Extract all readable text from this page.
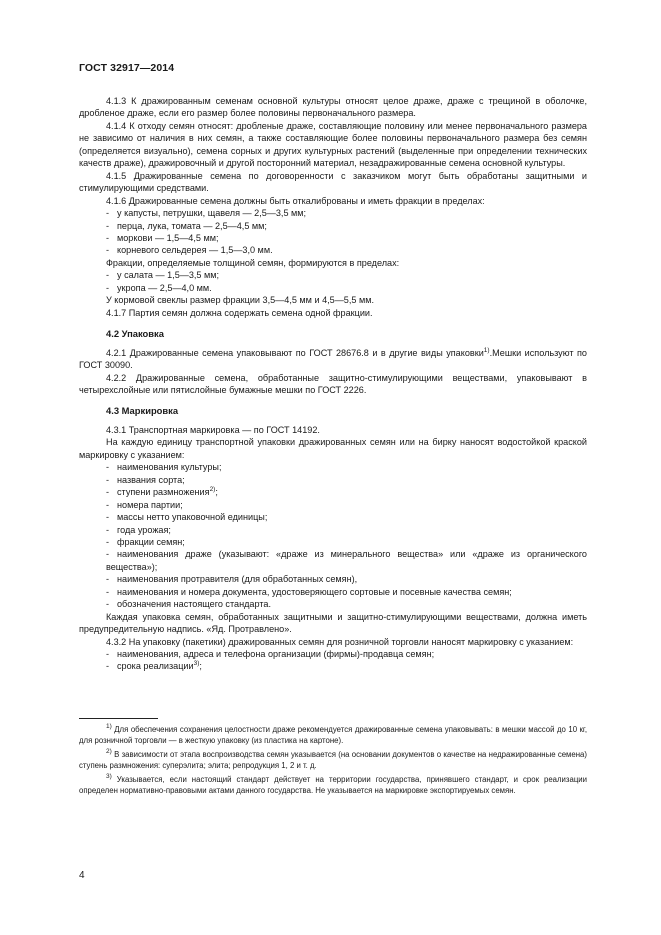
ГОСТ 32917—2014

4.1.3 К дражированным семенам основной культуры относят целое драже, драже с трещиной в оболочке, дробленое драже, если его размер более половины первоначального размера.

4.1.4 К отходу семян относят: дробленые драже, составляющие половину или менее первоначального размера не зависимо от наличия в них семян, а также составляющие более половины первоначального размера без семян (определяется визуально), семена сорных и других культурных растений (выделенные при определении технических качеств драже), дражировочный и другой посторонний материал, незадражированные семена основной культуры.

4.1.5 Дражированные семена по договоренности с заказчиком могут быть обработаны защитными и стимулирующими средствами.

4.1.6 Дражированные семена должны быть откалиброваны и иметь фракции в пределах:

- у капусты, петрушки, щавеля — 2,5—3,5 мм;

- перца, лука, томата — 2,5—4,5 мм;

- моркови — 1,5—4,5 мм;

- корневого сельдерея — 1,5—3,0 мм.

Фракции, определяемые толщиной семян, формируются в пределах:

- у салата — 1,5—3,5 мм;

- укропа — 2,5—4,0 мм.

У кормовой свеклы размер фракции 3,5—4,5 мм и 4,5—5,5 мм.

4.1.7 Партия семян должна содержать семена одной фракции.

4.2 Упаковка

4.2.1 Дражированные семена упаковывают по ГОСТ 28676.8 и в другие виды упаковки$^{1)}$.Мешки используют по ГОСТ 30090.

4.2.2 Дражированные семена, обработанные защитно-стимулирующими веществами, упаковывают в четырехслойные или пятислойные бумажные мешки по ГОСТ 2226.

4.3 Маркировка

4.3.1 Транспортная маркировка — по ГОСТ 14192.

На каждую единицу транспортной упаковки дражированных семян или на бирку наносят водостойкой краской маркировку с указанием:

- наименования культуры;

- названия сорта;

- ступени размножения$^{2)}$;

- номера партии;

- массы нетто упаковочной единицы;

- года урожая;

- фракции семян;

- наименования драже (указывают: «драже из минерального вещества» или «драже из органического вещества»);

- наименования протравителя (для обработанных семян),

- наименования и номера документа, удостоверяющего сортовые и посевные качества семян;

- обозначения настоящего стандарта.

Каждая упаковка семян, обработанных защитными и защитно-стимулирующими веществами, должна иметь предупредительную надпись. «Яд. Протравлено».

4.3.2 На упаковку (пакетики) дражированных семян для розничной торговли наносят маркировку с указанием:

- наименования, адреса и телефона организации (фирмы)-продавца семян;

- срока реализации$^{3)}$;

$^{1)}$ Для обеспечения сохранения целостности драже рекомендуется дражированные семена упаковывать: в мешки массой до 10 кг, для розничной торговли — в жесткую упаковку (из пластика на картоне).

$^{2)}$ В зависимости от этапа воспроизводства семян указывается (на основании документов о качестве на недражированные семена) ступень размножения: суперэлита; элита; репродукция 1, 2 и т. д.

$^{3)}$ Указывается, если настоящий стандарт действует на территории государства, принявшего стандарт, и срок реализации определен нормативно-правовыми актами данного государства. Не указывается на маркировке экспортируемых семян.

4
